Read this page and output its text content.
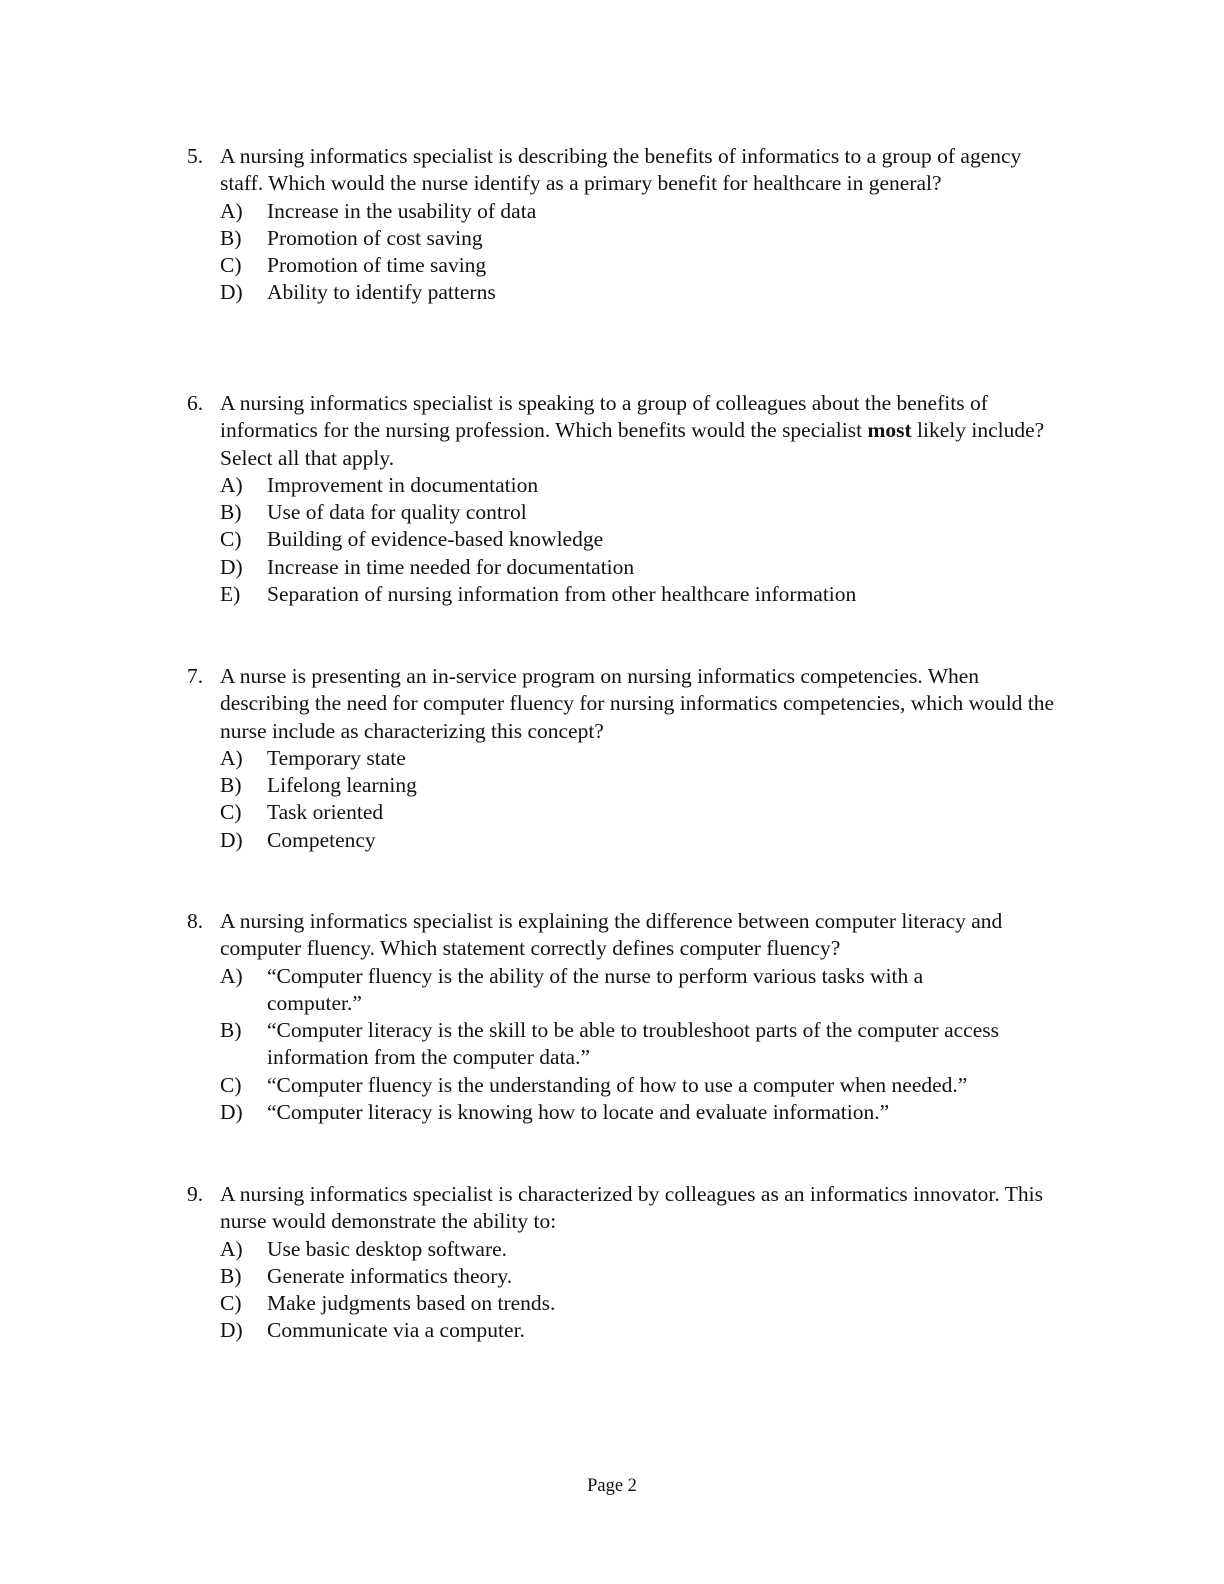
5. A nursing informatics specialist is describing the benefits of informatics to a group of agency staff. Which would the nurse identify as a primary benefit for healthcare in general?
A) Increase in the usability of data
B) Promotion of cost saving
C) Promotion of time saving
D) Ability to identify patterns
6. A nursing informatics specialist is speaking to a group of colleagues about the benefits of informatics for the nursing profession. Which benefits would the specialist most likely include? Select all that apply.
A) Improvement in documentation
B) Use of data for quality control
C) Building of evidence-based knowledge
D) Increase in time needed for documentation
E) Separation of nursing information from other healthcare information
7. A nurse is presenting an in-service program on nursing informatics competencies. When describing the need for computer fluency for nursing informatics competencies, which would the nurse include as characterizing this concept?
A) Temporary state
B) Lifelong learning
C) Task oriented
D) Competency
8. A nursing informatics specialist is explaining the difference between computer literacy and computer fluency. Which statement correctly defines computer fluency?
A) “Computer fluency is the ability of the nurse to perform various tasks with a computer.”
B) “Computer literacy is the skill to be able to troubleshoot parts of the computer access information from the computer data.”
C) “Computer fluency is the understanding of how to use a computer when needed.”
D) “Computer literacy is knowing how to locate and evaluate information.”
9. A nursing informatics specialist is characterized by colleagues as an informatics innovator. This nurse would demonstrate the ability to:
A) Use basic desktop software.
B) Generate informatics theory.
C) Make judgments based on trends.
D) Communicate via a computer.
Page 2
